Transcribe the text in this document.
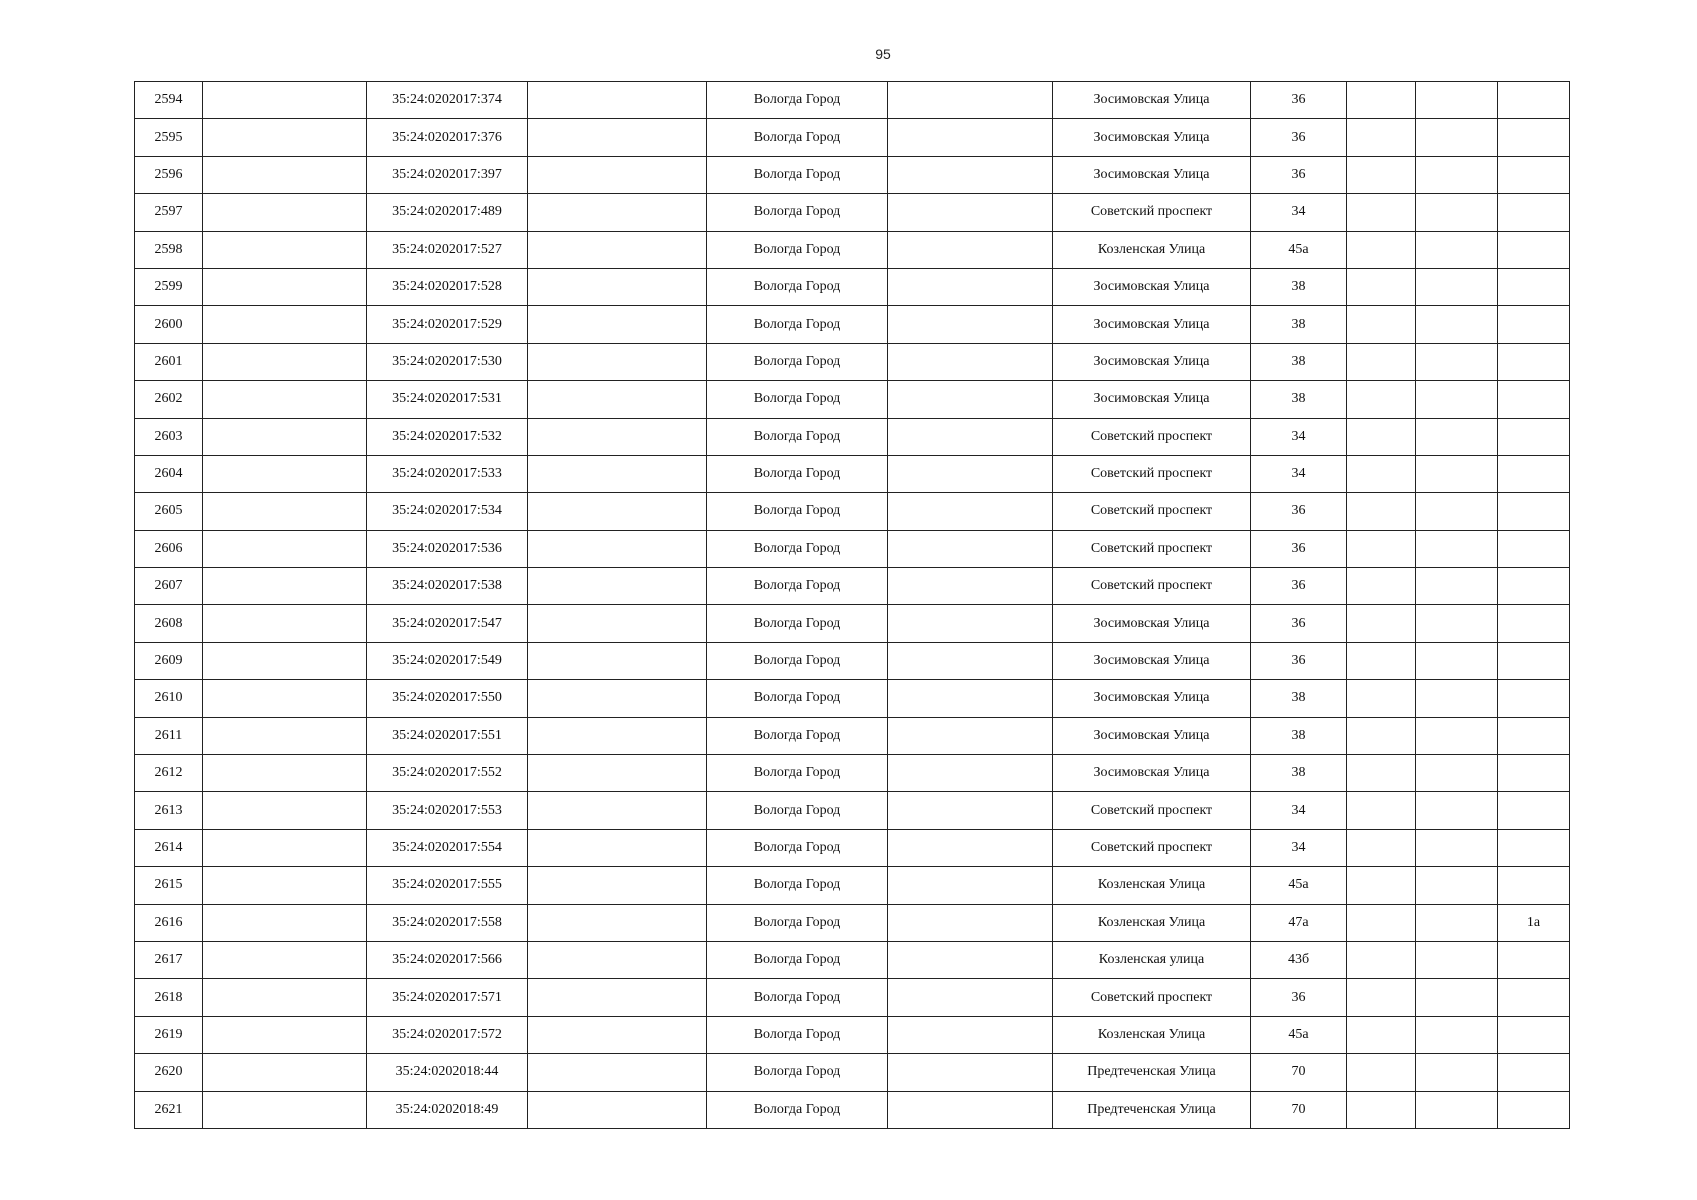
95
2594		35:24:0202017:374		Вологда Город		Зосимовская Улица	36			
2595		35:24:0202017:376		Вологда Город		Зосимовская Улица	36			
2596		35:24:0202017:397		Вологда Город		Зосимовская Улица	36			
2597		35:24:0202017:489		Вологда Город		Советский проспект	34			
2598		35:24:0202017:527		Вологда Город		Козленская Улица	45а			
2599		35:24:0202017:528		Вологда Город		Зосимовская Улица	38			
2600		35:24:0202017:529		Вологда Город		Зосимовская Улица	38			
2601		35:24:0202017:530		Вологда Город		Зосимовская Улица	38			
2602		35:24:0202017:531		Вологда Город		Зосимовская Улица	38			
2603		35:24:0202017:532		Вологда Город		Советский проспект	34			
2604		35:24:0202017:533		Вологда Город		Советский проспект	34			
2605		35:24:0202017:534		Вологда Город		Советский проспект	36			
2606		35:24:0202017:536		Вологда Город		Советский проспект	36			
2607		35:24:0202017:538		Вологда Город		Советский проспект	36			
2608		35:24:0202017:547		Вологда Город		Зосимовская Улица	36			
2609		35:24:0202017:549		Вологда Город		Зосимовская Улица	36			
2610		35:24:0202017:550		Вологда Город		Зосимовская Улица	38			
2611		35:24:0202017:551		Вологда Город		Зосимовская Улица	38			
2612		35:24:0202017:552		Вологда Город		Зосимовская Улица	38			
2613		35:24:0202017:553		Вологда Город		Советский проспект	34			
2614		35:24:0202017:554		Вологда Город		Советский проспект	34			
2615		35:24:0202017:555		Вологда Город		Козленская Улица	45а			
2616		35:24:0202017:558		Вологда Город		Козленская Улица	47а			1а
2617		35:24:0202017:566		Вологда Город		Козленская улица	43б			
2618		35:24:0202017:571		Вологда Город		Советский проспект	36			
2619		35:24:0202017:572		Вологда Город		Козленская Улица	45а			
2620		35:24:0202018:44		Вологда Город		Предтеченская Улица	70			
2621		35:24:0202018:49		Вологда Город		Предтеченская Улица	70			
